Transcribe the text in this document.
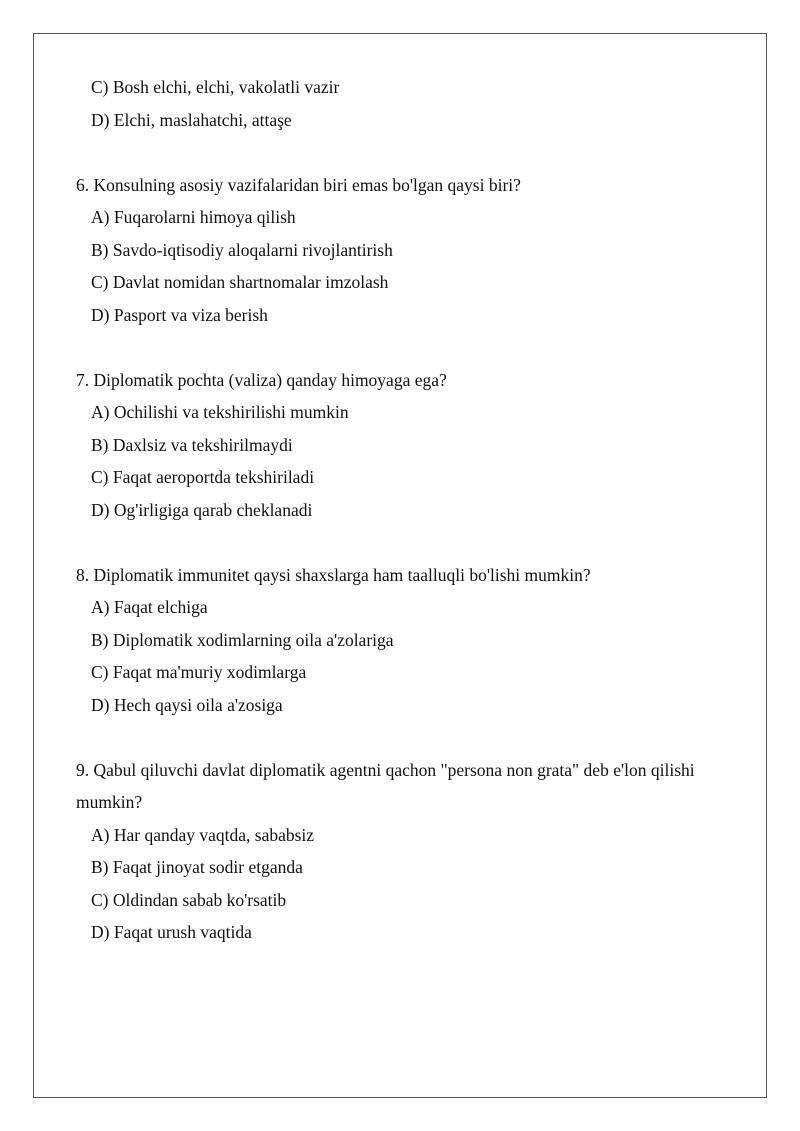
C) Bosh elchi, elchi, vakolatli vazir
D) Elchi, maslahatchi, attaşe
6. Konsulning asosiy vazifalaridan biri emas bo'lgan qaysi biri?
A) Fuqarolarni himoya qilish
B) Savdo-iqtisodiy aloqalarni rivojlantirish
C) Davlat nomidan shartnomalar imzolash
D) Pasport va viza berish
7. Diplomatik pochta (valiza) qanday himoyaga ega?
A) Ochilishi va tekshirilishi mumkin
B) Daxlsiz va tekshirilmaydi
C) Faqat aeroportda tekshiriladi
D) Og'irligiga qarab cheklanadi
8. Diplomatik immunitet qaysi shaxslarga ham taalluqli bo'lishi mumkin?
A) Faqat elchiga
B) Diplomatik xodimlarning oila a'zolariga
C) Faqat ma'muriy xodimlarga
D) Hech qaysi oila a'zosiga
9. Qabul qiluvchi davlat diplomatik agentni qachon "persona non grata" deb e'lon qilishi mumkin?
A) Har qanday vaqtda, sababsiz
B) Faqat jinoyat sodir etganda
C) Oldindan sabab ko'rsatib
D) Faqat urush vaqtida
